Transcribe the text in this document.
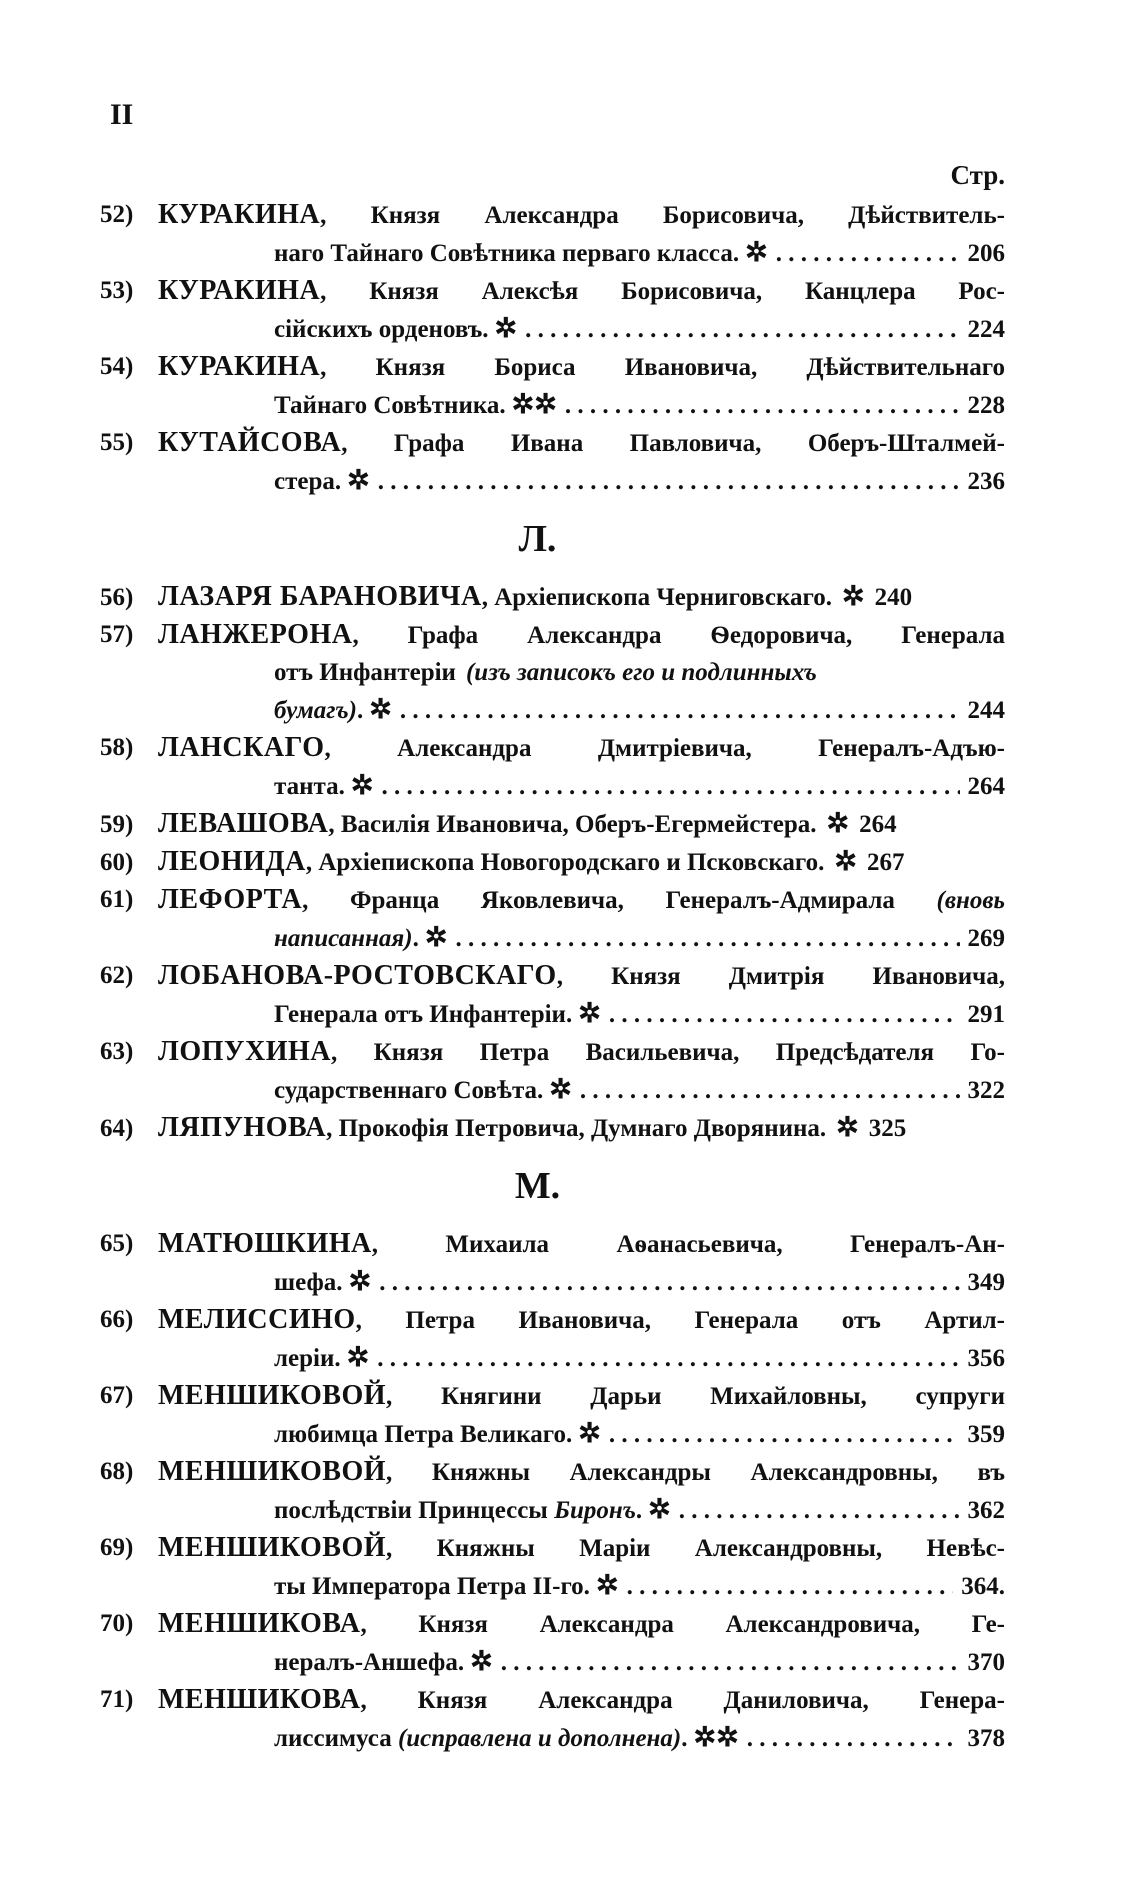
II
Стр.
52) КУРАКИНА, Князя Александра Борисовича, Дѣйствитель-
наго Тайнаго Совѣтника перваго класса. ✲ . . .	206
53) КУРАКИНА, Князя Алексѣя Борисовича, Канцлера Рос-
сійскихъ орденовъ. ✲ . . .	224
54) КУРАКИНА, Князя Бориса Ивановича, Дѣйствительнаго
Тайнаго Совѣтника. ✲✲ . . .	228
55) КУТАЙСОВА, Графа Ивана Павловича, Оберъ-Шталмей-
стера. ✲ . . .	236
Л.
56) ЛАЗАРЯ БАРАНОВИЧА, Архіепископа Черниговскаго. ✲ 240
57) ЛАНЖЕРОНА, Графа Александра Ѳедоровича, Генерала
отъ Инфантеріи (изъ записокъ его и подлинныхъ
бумагъ). ✲ . . .	244
58) ЛАНСКАГО, Александра Дмитріевича, Генералъ-Адъю-
танта. ✲ . . .	264
59) ЛЕВАШОВА, Василія Ивановича, Оберъ-Егермейстера. ✲ 264
60) ЛЕОНИДА, Архіепископа Новогородскаго и Псковскаго. ✲ 267
61) ЛЕФОРТА, Франца Яковлевича, Генералъ-Адмирала (вновь
написанная). ✲ . . .	269
62) ЛОБАНОВА-РОСТОВСКАГО, Князя Дмитрія Ивановича,
Генерала отъ Инфантеріи. ✲ . . .	291
63) ЛОПУХИНА, Князя Петра Васильевича, Предсѣдателя Го-
сударственнаго Совѣта. ✲ . . .	322
64) ЛЯПУНОВА, Прокофія Петровича, Думнаго Дворянина. ✲ 325
М.
65) МАТЮШКИНА, Михаила Аѳанасьевича, Генералъ-Ан-
шефа. ✲ . . .	349
66) МЕЛИССИНО, Петра Ивановича, Генерала отъ Артил-
леріи. ✲ . . .	356
67) МЕНШИКОВОЙ, Княгини Дарьи Михайловны, супруги
любимца Петра Великаго. ✲ . . .	359
68) МЕНШИКОВОЙ, Княжны Александры Александровны, въ
послѣдствіи Принцессы Биронъ. ✲ . . .	362
69) МЕНШИКОВОЙ, Княжны Маріи Александровны, Невѣс-
ты Императора Петра II-го. ✲ . . .	364.
70) МЕНШИКОВА, Князя Александра Александровича, Ге-
нералъ-Аншефа. ✲ . . .	370
71) МЕНШИКОВА, Князя Александра Даниловича, Генера-
лиссимуса (исправлена и дополнена). ✲✲ . . .	378
